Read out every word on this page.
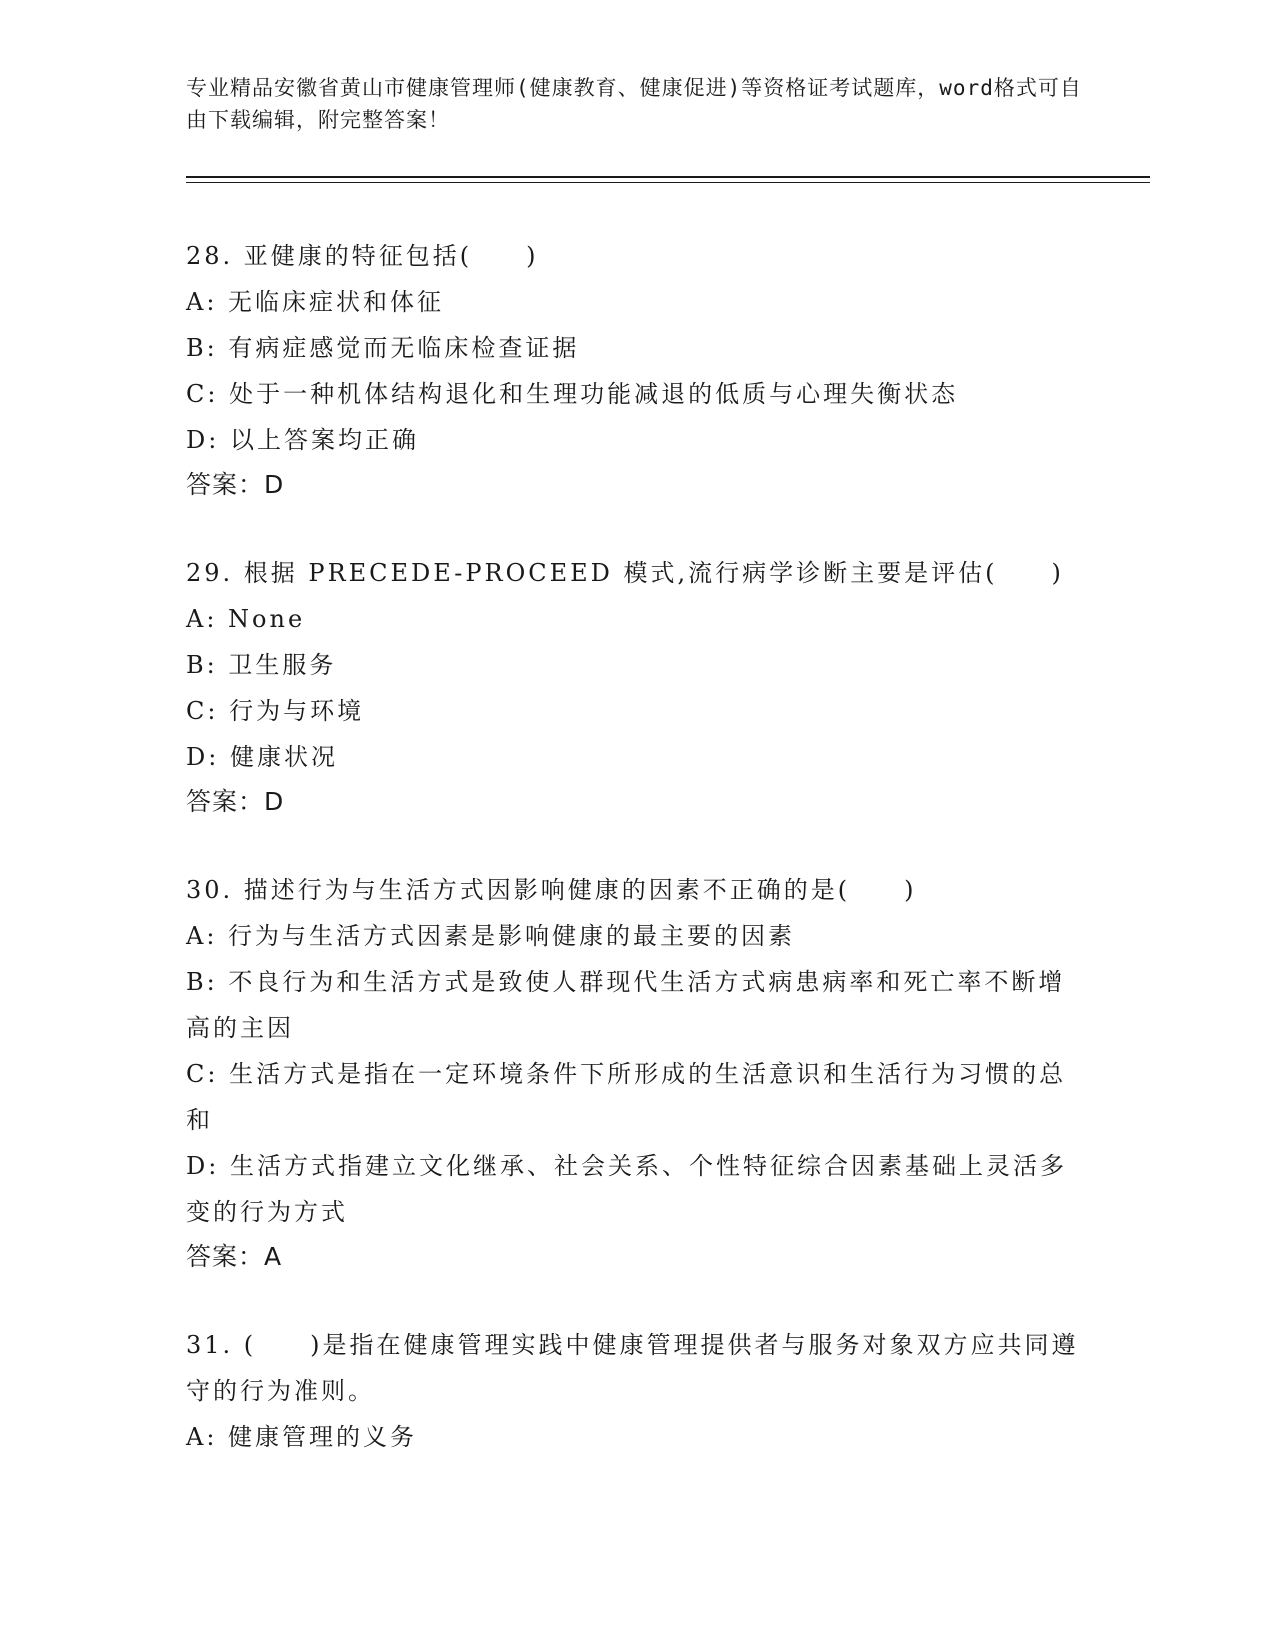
专业精品安徽省黄山市健康管理师(健康教育、健康促进)等资格证考试题库，word格式可自由下载编辑，附完整答案！
28. 亚健康的特征包括(　　)
A: 无临床症状和体征
B: 有病症感觉而无临床检查证据
C: 处于一种机体结构退化和生理功能减退的低质与心理失衡状态
D: 以上答案均正确
答案：D
29. 根据 PRECEDE-PROCEED 模式,流行病学诊断主要是评估(　　)
A: None
B: 卫生服务
C: 行为与环境
D: 健康状况
答案：D
30. 描述行为与生活方式因影响健康的因素不正确的是(　　)
A: 行为与生活方式因素是影响健康的最主要的因素
B: 不良行为和生活方式是致使人群现代生活方式病患病率和死亡率不断增高的主因
C: 生活方式是指在一定环境条件下所形成的生活意识和生活行为习惯的总和
D: 生活方式指建立文化继承、社会关系、个性特征综合因素基础上灵活多变的行为方式
答案：A
31. (　　)是指在健康管理实践中健康管理提供者与服务对象双方应共同遵守的行为准则。
A: 健康管理的义务
